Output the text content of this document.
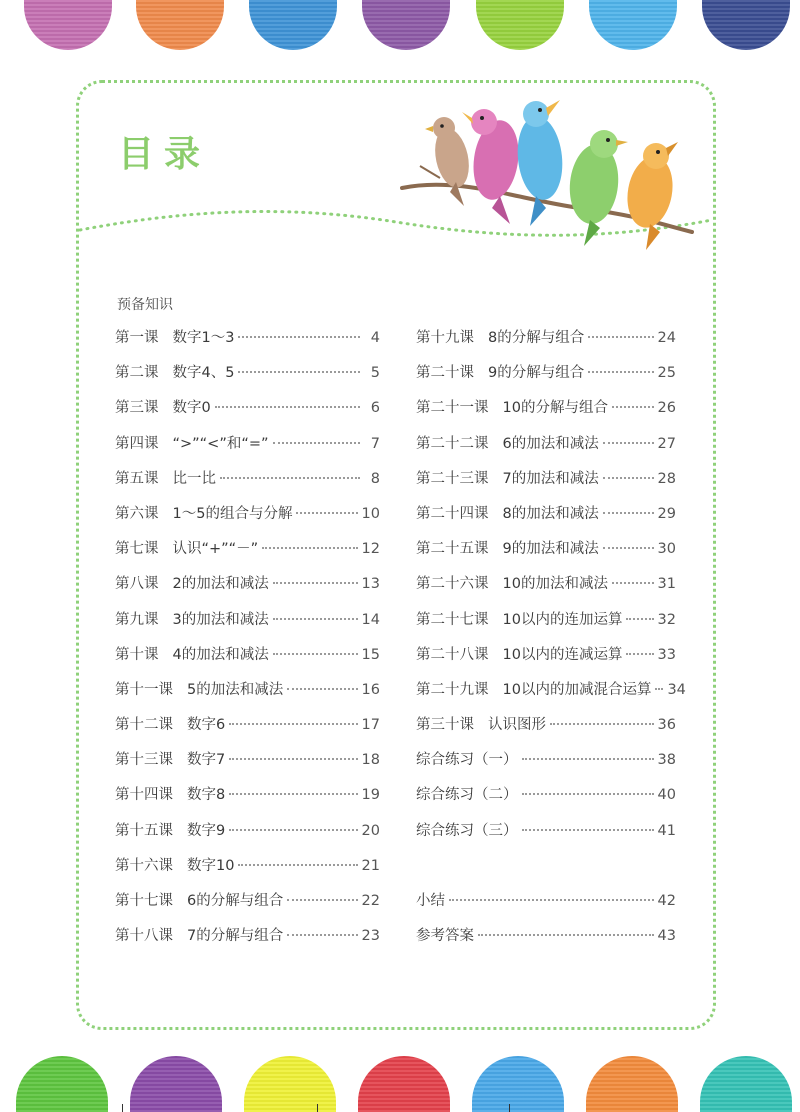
目录
预备知识
第一课 数字1～3	4
第二课 数字4、5	5
第三课 数字0	6
第四课 “>”“<”和“=”	7
第五课 比一比	8
第六课 1～5的组合与分解	10
第七课 认识“+”“－”	12
第八课 2的加法和减法	13
第九课 3的加法和减法	14
第十课 4的加法和减法	15
第十一课 5的加法和减法	16
第十二课 数字6	17
第十三课 数字7	18
第十四课 数字8	19
第十五课 数字9	20
第十六课 数字10	21
第十七课 6的分解与组合	22
第十八课 7的分解与组合	23
第十九课 8的分解与组合	24
第二十课 9的分解与组合	25
第二十一课 10的分解与组合	26
第二十二课 6的加法和减法	27
第二十三课 7的加法和减法	28
第二十四课 8的加法和减法	29
第二十五课 9的加法和减法	30
第二十六课 10的加法和减法	31
第二十七课 10以内的连加运算 32
第二十八课 10以内的连减运算 33
第二十九课 10以内的加减混合运算 34
第三十课 认识图形	36
综合练习（一）	38
综合练习（二）	40
综合练习（三）	41
小结	42
参考答案	43
